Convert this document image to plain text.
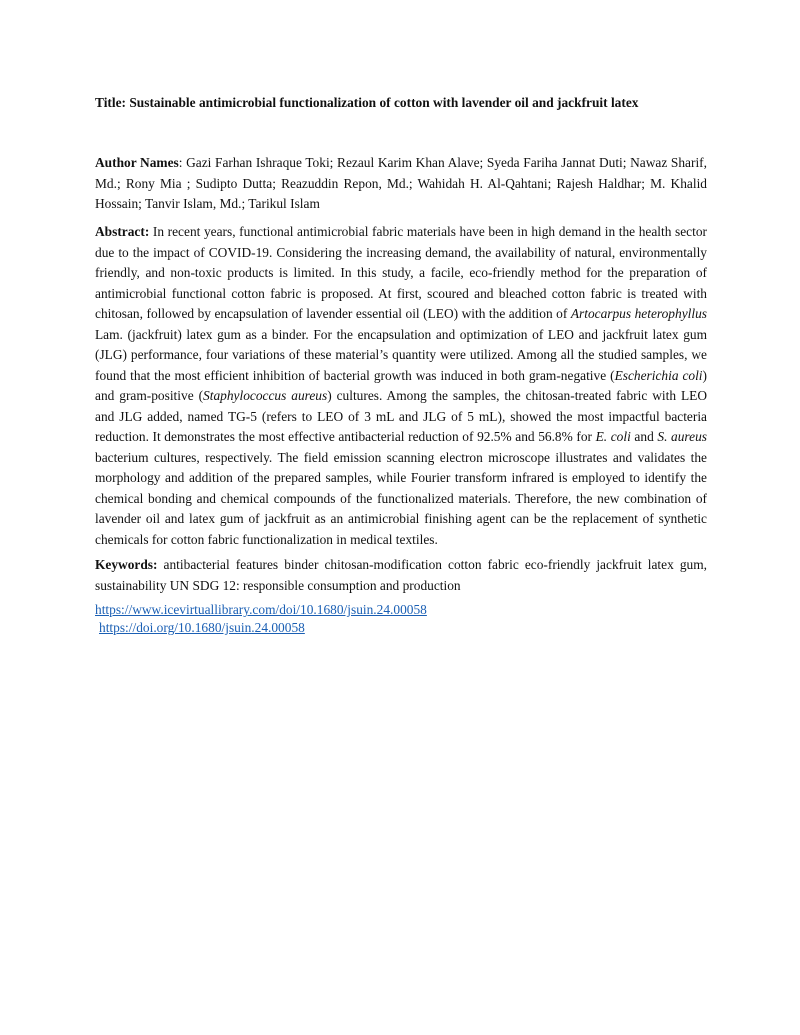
Title: Sustainable antimicrobial functionalization of cotton with lavender oil and jackfruit latex
Author Names: Gazi Farhan Ishraque Toki; Rezaul Karim Khan Alave; Syeda Fariha Jannat Duti; Nawaz Sharif, Md.; Rony Mia ; Sudipto Dutta; Reazuddin Repon, Md.; Wahidah H. Al-Qahtani; Rajesh Haldhar; M. Khalid Hossain; Tanvir Islam, Md.; Tarikul Islam
Abstract: In recent years, functional antimicrobial fabric materials have been in high demand in the health sector due to the impact of COVID-19. Considering the increasing demand, the availability of natural, environmentally friendly, and non-toxic products is limited. In this study, a facile, eco-friendly method for the preparation of antimicrobial functional cotton fabric is proposed. At first, scoured and bleached cotton fabric is treated with chitosan, followed by encapsulation of lavender essential oil (LEO) with the addition of Artocarpus heterophyllus Lam. (jackfruit) latex gum as a binder. For the encapsulation and optimization of LEO and jackfruit latex gum (JLG) performance, four variations of these material’s quantity were utilized. Among all the studied samples, we found that the most efficient inhibition of bacterial growth was induced in both gram-negative (Escherichia coli) and gram-positive (Staphylococcus aureus) cultures. Among the samples, the chitosan-treated fabric with LEO and JLG added, named TG-5 (refers to LEO of 3 mL and JLG of 5 mL), showed the most impactful bacteria reduction. It demonstrates the most effective antibacterial reduction of 92.5% and 56.8% for E. coli and S. aureus bacterium cultures, respectively. The field emission scanning electron microscope illustrates and validates the morphology and addition of the prepared samples, while Fourier transform infrared is employed to identify the chemical bonding and chemical compounds of the functionalized materials. Therefore, the new combination of lavender oil and latex gum of jackfruit as an antimicrobial finishing agent can be the replacement of synthetic chemicals for cotton fabric functionalization in medical textiles.
Keywords: antibacterial features binder chitosan-modification cotton fabric eco-friendly jackfruit latex gum, sustainability UN SDG 12: responsible consumption and production
https://www.icevirtuallibrary.com/doi/10.1680/jsuin.24.00058
https://doi.org/10.1680/jsuin.24.00058
